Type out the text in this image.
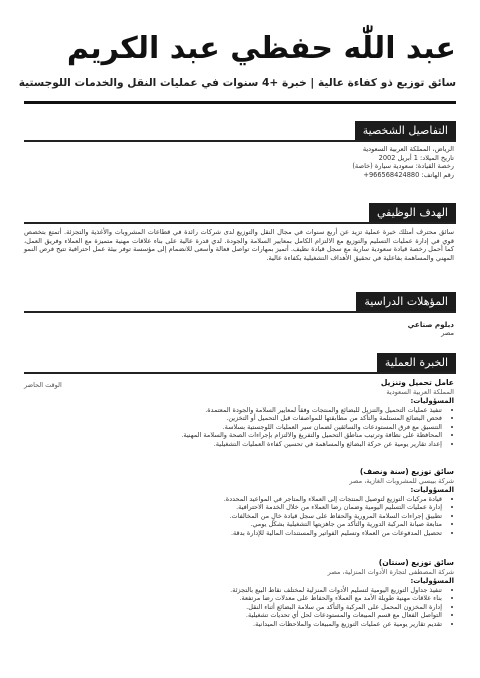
عبد اللّٰه حفظي عبد الكريم
سائق توزيع ذو كفاءة عالية | خبرة +4 سنوات في عمليات النقل والخدمات اللوجستية
التفاصيل الشخصية
الرياض، المملكة العربية السعودية
تاريخ الميلاد: 1 أبريل 2002
رخصة القيادة: سعودية سيارة (خاصة)
رقم الهاتف: 966568424880+
الهدف الوظيفي
سائق محترف أمتلك خبرة عملية تزيد عن أربع سنوات في مجال النقل والتوزيع لدى شركات رائدة في قطاعات المشروبات والأغذية والتجزئة. أتمتع بتخصص قوي في إدارة عمليات التسليم والتوزيع مع الالتزام الكامل بمعايير السلامة والجودة. لدي قدرة عالية على بناء علاقات مهنية متميزة مع العملاء وفريق العمل، كما أحمل رخصة قيادة سعودية سارية مع سجل قيادة نظيف. أتميز بمهارات تواصل فعالة وأسعى للانضمام إلى مؤسسة توفر بيئة عمل احترافية تتيح فرص النمو المهني والمساهمة بفاعلية في تحقيق الأهداف التشغيلية بكفاءة عالية.
المؤهلات الدراسية
دبلوم صناعي
مصر
الخبرة العملية
الوقت الحاضر	عامل تحميل وتنزيل
المملكة العربية السعودية
المسؤوليات:
• تنفيذ عمليات التحميل والتنزيل للبضائع والمنتجات وفقاً لمعايير السلامة والجودة المعتمدة.
• فحص البضائع المستلمة والتأكد من مطابقتها للمواصفات قبل التحميل أو التخزين.
• التنسيق مع فرق المستودعات والسائقين لضمان سير العمليات اللوجستية بسلاسة.
• المحافظة على نظافة وترتيب مناطق التحميل والتفريغ والالتزام بإجراءات الصحة والسلامة المهنية.
• إعداد تقارير يومية عن حركة البضائع والمساهمة في تحسين كفاءة العمليات التشغيلية.
سائق توزيع (سنة ونصف)
شركة بيبسي للمشروبات الغازية، مصر
المسؤوليات:
• قيادة مركبات التوزيع لتوصيل المنتجات إلى العملاء والمتاجر في المواعيد المحددة.
• إدارة عمليات التسليم اليومية وضمان رضا العملاء من خلال الخدمة الاحترافية.
• تطبيق إجراءات السلامة المرورية والحفاظ على سجل قيادة خالٍ من المخالفات.
• متابعة صيانة المركبة الدورية والتأكد من جاهزيتها التشغيلية بشكل يومي.
• تحصيل المدفوعات من العملاء وتسليم الفواتير والمستندات المالية للإدارة بدقة.
سائق توزيع (سنتان)
شركة المصطفى لتجارة الأدوات المنزلية، مصر
المسؤوليات:
• تنفيذ جداول التوزيع اليومية لتسليم الأدوات المنزلية لمختلف نقاط البيع بالتجزئة.
• بناء علاقات مهنية طويلة الأمد مع العملاء والحفاظ على معدلات رضا مرتفعة.
• إدارة المخزون المحمل على المركبة والتأكد من سلامة البضائع أثناء النقل.
• التواصل الفعال مع قسم المبيعات والمستودعات لحل أي تحديات تشغيلية.
• تقديم تقارير يومية عن عمليات التوزيع والمبيعات والملاحظات الميدانية.
